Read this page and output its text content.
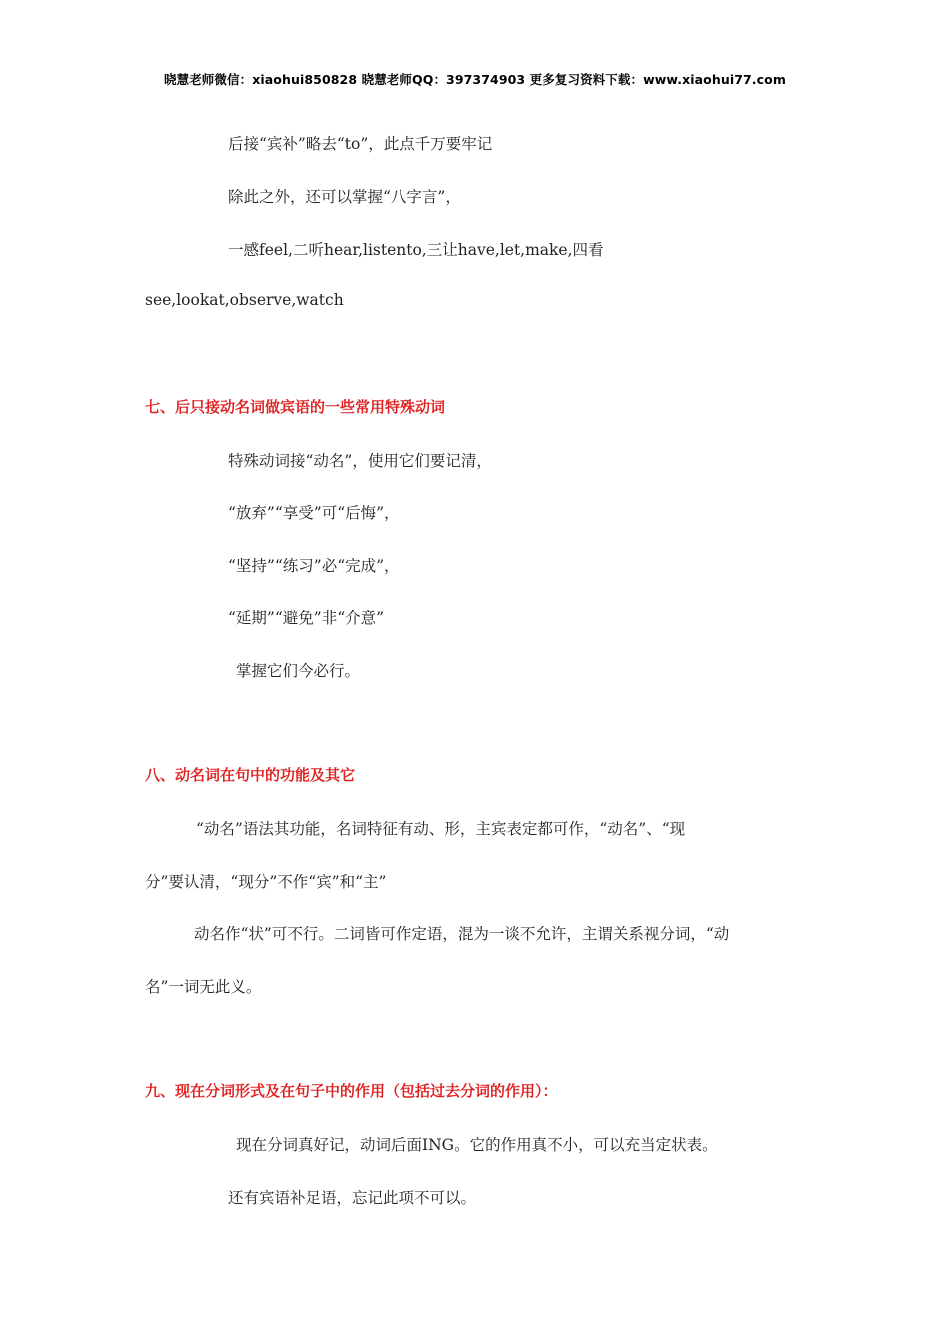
晓慧老师微信：xiaohui850828 晓慧老师QQ：397374903 更多复习资料下载：www.xiaohui77.com
后接“宾补”略去“to”，此点千万要牢记
除此之外，还可以掌握“八字言”，
一感feel,二听hear,listento,三让have,let,make,四看
see,lookat,observe,watch
七、后只接动名词做宾语的一些常用特殊动词
特殊动词接“动名”，使用它们要记清，
“放弃”“享受”可“后悔”，
“坚持”“练习”必“完成”，
“延期”“避免”非“介意”
掌握它们今必行。
八、动名词在句中的功能及其它
“动名”语法其功能，名词特征有动、形，主宾表定都可作，“动名”、“现
分”要认清，“现分”不作“宾”和“主”
动名作“状”可不行。二词皆可作定语，混为一谈不允许，主谓关系视分词，“动
名”一词无此义。
九、现在分词形式及在句子中的作用（包括过去分词的作用）：
现在分词真好记，动词后面ING。它的作用真不小，可以充当定状表。
还有宾语补足语，忘记此项不可以。
